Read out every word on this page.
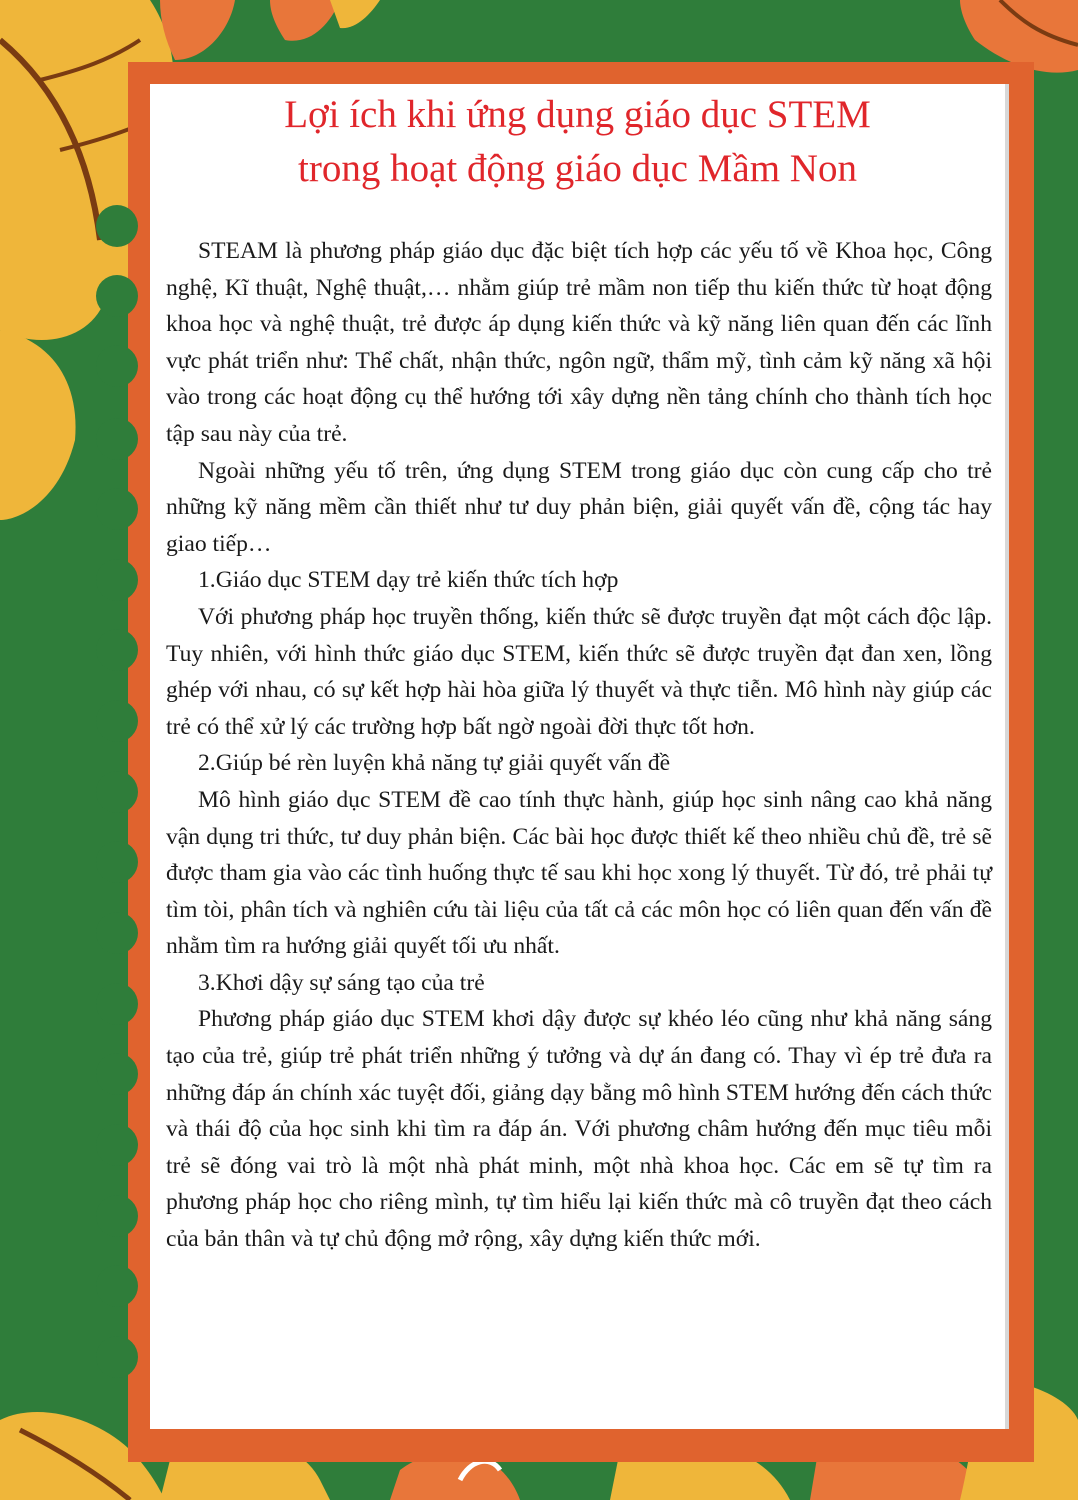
Lợi ích khi ứng dụng giáo dục STEM
trong hoạt động giáo dục Mầm Non

STEAM là phương pháp giáo dục đặc biệt tích hợp các yếu tố về Khoa học, Công nghệ, Kĩ thuật, Nghệ thuật,… nhằm giúp trẻ mầm non tiếp thu kiến thức từ hoạt động khoa học và nghệ thuật, trẻ được áp dụng kiến thức và kỹ năng liên quan đến các lĩnh vực phát triển như: Thể chất, nhận thức, ngôn ngữ, thẩm mỹ, tình cảm kỹ năng xã hội vào trong các hoạt động cụ thể hướng tới xây dựng nền tảng chính cho thành tích học tập sau này của trẻ.

Ngoài những yếu tố trên, ứng dụng STEM trong giáo dục còn cung cấp cho trẻ những kỹ năng mềm cần thiết như tư duy phản biện, giải quyết vấn đề, cộng tác hay giao tiếp…

1.Giáo dục STEM dạy trẻ kiến thức tích hợp

Với phương pháp học truyền thống, kiến thức sẽ được truyền đạt một cách độc lập. Tuy nhiên, với hình thức giáo dục STEM, kiến thức sẽ được truyền đạt đan xen, lồng ghép với nhau, có sự kết hợp hài hòa giữa lý thuyết và thực tiễn. Mô hình này giúp các trẻ có thể xử lý các trường hợp bất ngờ ngoài đời thực tốt hơn.

2.Giúp bé rèn luyện khả năng tự giải quyết vấn đề

Mô hình giáo dục STEM đề cao tính thực hành, giúp học sinh nâng cao khả năng vận dụng tri thức, tư duy phản biện. Các bài học được thiết kế theo nhiều chủ đề, trẻ sẽ được tham gia vào các tình huống thực tế sau khi học xong lý thuyết. Từ đó, trẻ phải tự tìm tòi, phân tích và nghiên cứu tài liệu của tất cả các môn học có liên quan đến vấn đề nhằm tìm ra hướng giải quyết tối ưu nhất.

3.Khơi dậy sự sáng tạo của trẻ

Phương pháp giáo dục STEM khơi dậy được sự khéo léo cũng như khả năng sáng tạo của trẻ, giúp trẻ phát triển những ý tưởng và dự án đang có. Thay vì ép trẻ đưa ra những đáp án chính xác tuyệt đối, giảng dạy bằng mô hình STEM hướng đến cách thức và thái độ của học sinh khi tìm ra đáp án. Với phương châm hướng đến mục tiêu mỗi trẻ sẽ đóng vai trò là một nhà phát minh, một nhà khoa học. Các em sẽ tự tìm ra phương pháp học cho riêng mình, tự tìm hiểu lại kiến thức mà cô truyền đạt theo cách của bản thân và tự chủ động mở rộng, xây dựng kiến thức mới.
